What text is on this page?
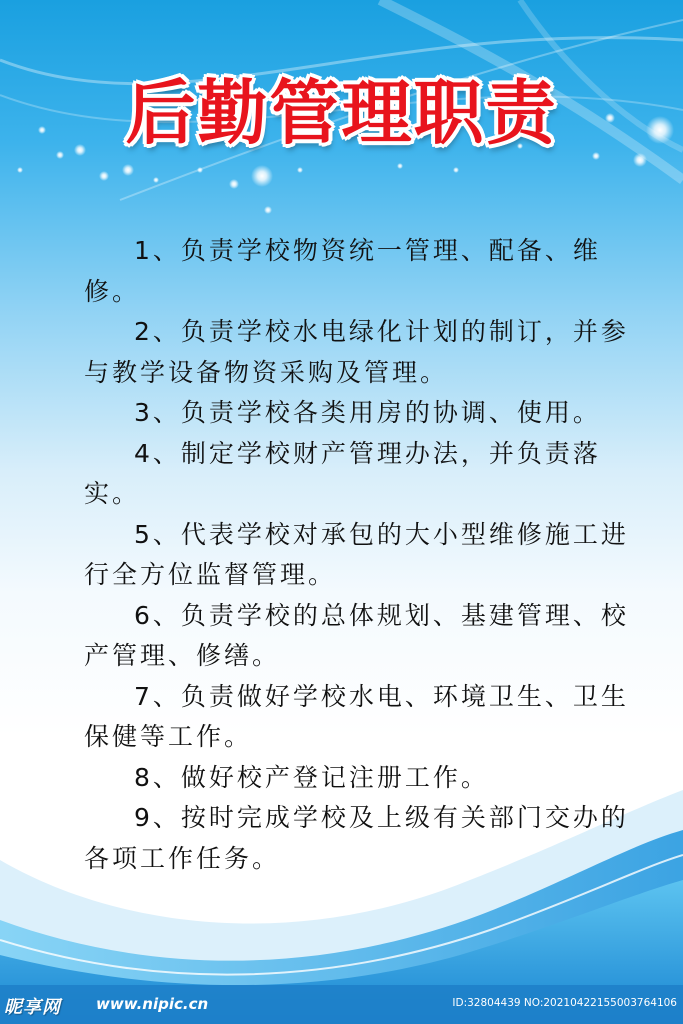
后勤管理职责

1、负责学校物资统一管理、配备、维修。

2、负责学校水电绿化计划的制订，并参与教学设备物资采购及管理。

3、负责学校各类用房的协调、使用。

4、制定学校财产管理办法，并负责落实。

5、代表学校对承包的大小型维修施工进行全方位监督管理。

6、负责学校的总体规划、基建管理、校产管理、修缮。

7、负责做好学校水电、环境卫生、卫生保健等工作。

8、做好校产登记注册工作。

9、按时完成学校及上级有关部门交办的各项工作任务。

昵享网 www.nipic.cn	ID:32804439 NO:20210422155003764106
